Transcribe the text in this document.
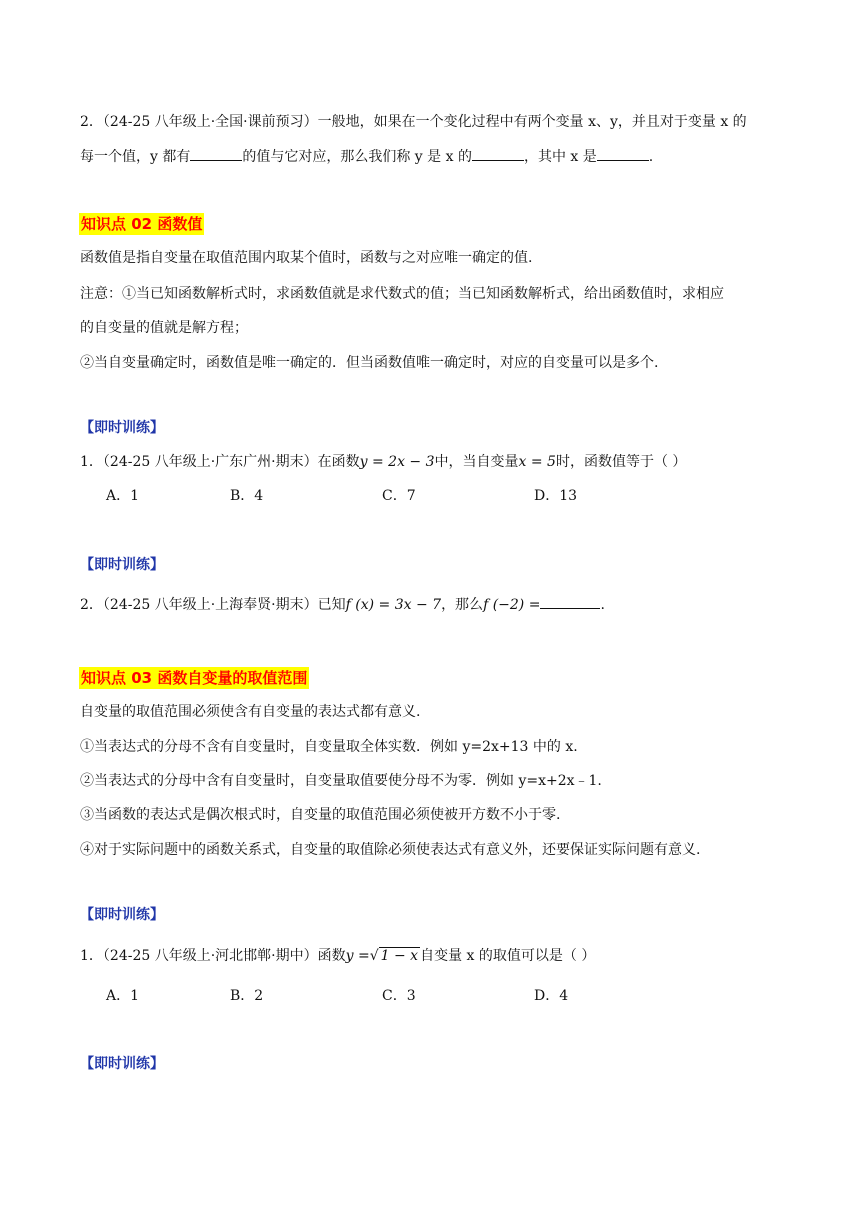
2．（24-25 八年级上·全国·课前预习）一般地，如果在一个变化过程中有两个变量 x、y，并且对于变量 x 的
每一个值，y 都有	的值与它对应，那么我们称 y 是 x 的	，其中 x 是	.
知识点 02 函数值
函数值是指自变量在取值范围内取某个值时，函数与之对应唯一确定的值.
注意：①当已知函数解析式时，求函数值就是求代数式的值；当已知函数解析式，给出函数值时，求相应
的自变量的值就是解方程；
②当自变量确定时，函数值是唯一确定的．但当函数值唯一确定时，对应的自变量可以是多个.
【即时训练】
1．（24-25 八年级上·广东广州·期末）在函数y = 2x − 3中，当自变量x = 5时，函数值等于（ ）
A．1	B．4	C．7	D．13
【即时训练】
2．（24-25 八年级上·上海奉贤·期末）已知f (x) = 3x − 7，那么f (−2) =	.
知识点 03 函数自变量的取值范围
自变量的取值范围必须使含有自变量的表达式都有意义.
①当表达式的分母不含有自变量时，自变量取全体实数．例如 y=2x+13 中的 x.
②当表达式的分母中含有自变量时，自变量取值要使分母不为零．例如 y=x+2x﹣1.
③当函数的表达式是偶次根式时，自变量的取值范围必须使被开方数不小于零.
④对于实际问题中的函数关系式，自变量的取值除必须使表达式有意义外，还要保证实际问题有意义.
【即时训练】
1．（24-25 八年级上·河北邯郸·期中）函数y =√ 1 − x 自变量 x 的取值可以是（ ）
A．1	B．2	C．3	D．4
【即时训练】
